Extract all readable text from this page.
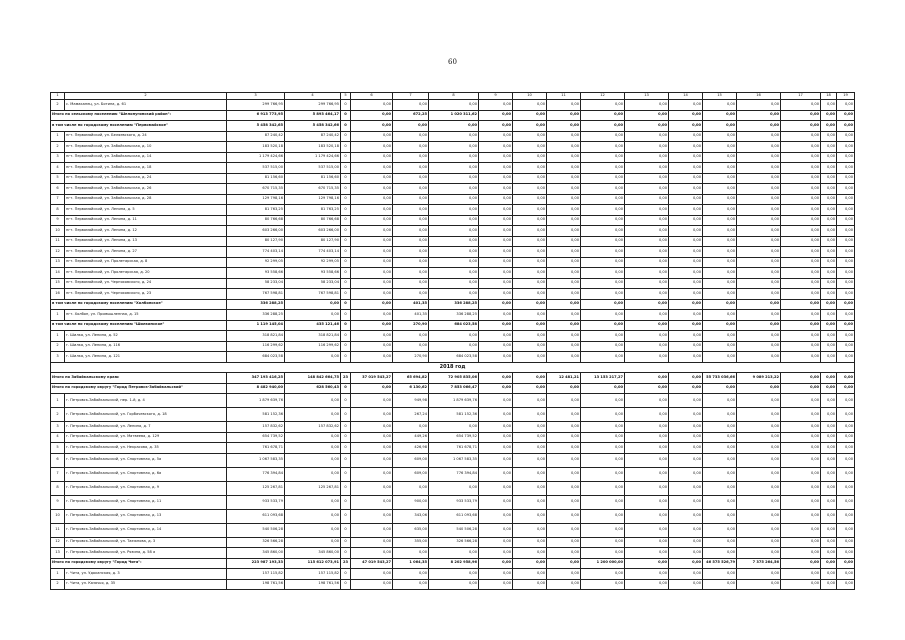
60
1	2	3	4	5	6	7	8	9	10	11	12	13	14	15	16	17	18	19
2	с. Мамаканец, ул. Ботина, д. 61	299 766,95	299 766,95	0	0,00	0,00	0,00	0,00	0,00	0,00	0,00	0,00	0,00	0,00	0,00	0,00	0,00	0,00
Итого по сельскому поселению "Шелопугинский район":		6 913 773,95	5 893 464,17	0	0,00	672,25	1 020 311,62	0,00	0,00	0,00	0,00	0,00	0,00	0,00	0,00	0,00	0,00	0,00
в том числе по городскому поселению "Первомайское"		5 458 342,65	5 458 342,66	0	0,00	0,00	0,00	0,00	0,00	0,00	0,00	0,00	0,00	0,00	0,00	0,00	0,00	0,00
1	пгт. Первомайский, ул. Беляевского, д. 24	87 240,42	87 240,42	0	0,00	0,00	0,00	0,00	0,00	0,00	0,00	0,00	0,00	0,00	0,00	0,00	0,00	0,00
2	пгт. Первомайский, ул. Забайкальская, д. 10	183 520,18	183 520,18	0	0,00	0,00	0,00	0,00	0,00	0,00	0,00	0,00	0,00	0,00	0,00	0,00	0,00	0,00
3	пгт. Первомайский, ул. Забайкальская, д. 14	1 179 424,66	1 179 424,66	0	0,00	0,00	0,00	0,00	0,00	0,00	0,00	0,00	0,00	0,00	0,00	0,00	0,00	0,00
4	пгт. Первомайский, ул. Забайкальская, д. 18	537 515,00	537 515,00	0	0,00	0,00	0,00	0,00	0,00	0,00	0,00	0,00	0,00	0,00	0,00	0,00	0,00	0,00
5	пгт. Первомайский, ул. Забайкальская, д. 24	81 156,60	81 156,60	0	0,00	0,00	0,00	0,00	0,00	0,00	0,00	0,00	0,00	0,00	0,00	0,00	0,00	0,00
6	пгт. Первомайский, ул. Забайкальская, д. 26	670 715,35	670 715,35	0	0,00	0,00	0,00	0,00	0,00	0,00	0,00	0,00	0,00	0,00	0,00	0,00	0,00	0,00
7	пгт. Первомайский, ул. Забайкальская, д. 28	129 798,16	129 798,16	0	0,00	0,00	0,00	0,00	0,00	0,00	0,00	0,00	0,00	0,00	0,00	0,00	0,00	0,00
8	пгт. Первомайский, ул. Ленина, д. 5	81 763,25	81 763,25	0	0,00	0,00	0,00	0,00	0,00	0,00	0,00	0,00	0,00	0,00	0,00	0,00	0,00	0,00
9	пгт. Первомайский, ул. Ленина, д. 11	80 766,68	80 766,68	0	0,00	0,00	0,00	0,00	0,00	0,00	0,00	0,00	0,00	0,00	0,00	0,00	0,00	0,00
10	пгт. Первомайский, ул. Ленина, д. 12	603 266,00	603 266,00	0	0,00	0,00	0,00	0,00	0,00	0,00	0,00	0,00	0,00	0,00	0,00	0,00	0,00	0,00
11	пгт. Первомайский, ул. Ленина, д. 13	80 127,90	80 127,90	0	0,00	0,00	0,00	0,00	0,00	0,00	0,00	0,00	0,00	0,00	0,00	0,00	0,00	0,00
12	пгт. Первомайский, ул. Ленина, д. 27	774 403,14	774 403,14	0	0,00	0,00	0,00	0,00	0,00	0,00	0,00	0,00	0,00	0,00	0,00	0,00	0,00	0,00
13	пгт. Первомайский, ул. Пролетарская, д. 8	92 299,05	92 299,05	0	0,00	0,00	0,00	0,00	0,00	0,00	0,00	0,00	0,00	0,00	0,00	0,00	0,00	0,00
14	пгт. Первомайский, ул. Пролетарская, д. 20	93 558,66	93 558,66	0	0,00	0,00	0,00	0,00	0,00	0,00	0,00	0,00	0,00	0,00	0,00	0,00	0,00	0,00
15	пгт. Первомайский, ул. Черняховского, д. 24	58 233,04	58 233,04	0	0,00	0,00	0,00	0,00	0,00	0,00	0,00	0,00	0,00	0,00	0,00	0,00	0,00	0,00
16	пгт. Первомайский, ул. Черняховского, д. 23	767 598,81	767 598,81	0	0,00	0,00	0,00	0,00	0,00	0,00	0,00	0,00	0,00	0,00	0,00	0,00	0,00	0,00
в том числе по городскому поселению "Холбонское"		336 288,25	0,00	0	0,00	401,35	336 288,25	0,00	0,00	0,00	0,00	0,00	0,00	0,00	0,00	0,00	0,00	0,00
1	пгт. Холбон, ул. Промышленная, д. 15	336 288,25	0,00	0	0,00	401,35	336 288,25	0,00	0,00	0,00	0,00	0,00	0,00	0,00	0,00	0,00	0,00	0,00
в том числе по городскому поселению "Шилкинское"		1 119 145,04	435 121,46	0	0,00	270,90	684 023,58	0,00	0,00	0,00	0,00	0,00	0,00	0,00	0,00	0,00	0,00	0,00
1	г. Шилка, ул. Ленина, д. 52	318 821,84	318 821,84	0	0,00	0,00	0,00	0,00	0,00	0,00	0,00	0,00	0,00	0,00	0,00	0,00	0,00	0,00
2	г. Шилка, ул. Ленина, д. 116	116 299,62	116 299,62	0	0,00	0,00	0,00	0,00	0,00	0,00	0,00	0,00	0,00	0,00	0,00	0,00	0,00	0,00
3	г. Шилка, ул. Ленина, д. 121	684 023,58	0,00	0	0,00	270,90	684 023,58	0,00	0,00	0,00	0,00	0,00	0,00	0,00	0,00	0,00	0,00	0,00
2018 год																		
Итого по Забайкальскому краю:		347 193 416,25	148 842 664,75	23	37 019 543,27	65 694,82	72 905 835,06	0,00	0,00	12 481,21	13 153 217,27	0,00	0,00	55 733 036,66	9 089 213,22	0,00	0,00	0,00
Итого по городскому округу "Город Петровск-Забайкальский"		8 482 940,00	628 560,43	0	0,00	6 130,62	7 853 066,47	0,00	0,00	0,00	0,00	0,00	0,00	0,00	0,00	0,00	0,00	0,00
1	г. Петровск-Забайкальский, пер. 1-й, д. 4	1 879 639,76	0,00	0	0,00	949,98	1 879 639,76	0,00	0,00	0,00	0,00	0,00	0,00	0,00	0,00	0,00	0,00	0,00
2	г. Петровск-Забайкальский, ул. Горбачевского, д. 18	581 152,36	0,00	0	0,00	267,24	581 152,36	0,00	0,00	0,00	0,00	0,00	0,00	0,00	0,00	0,00	0,00	0,00
3	г. Петровск-Забайкальский, ул. Ленина, д. 7	157 832,62	157 832,62	0	0,00	0,00	0,00	0,00	0,00	0,00	0,00	0,00	0,00	0,00	0,00	0,00	0,00	0,00
4	г. Петровск-Забайкальский, ул. Матвеева, д. 129	654 739,52	0,00	0	0,00	449,26	654 739,52	0,00	0,00	0,00	0,00	0,00	0,00	0,00	0,00	0,00	0,00	0,00
5	г. Петровск-Забайкальский, ул. Некрасова, д. 35	761 678,71	0,00	0	0,00	426,98	761 678,71	0,00	0,00	0,00	0,00	0,00	0,00	0,00	0,00	0,00	0,00	0,00
6	г. Петровск-Забайкальский, ул. Спортивная, д. 5а	1 067 583,35	0,00	0	0,00	609,00	1 067 583,35	0,00	0,00	0,00	0,00	0,00	0,00	0,00	0,00	0,00	0,00	0,00
7	г. Петровск-Забайкальский, ул. Спортивная, д. 6а	776 394,84	0,00	0	0,00	609,00	776 394,84	0,00	0,00	0,00	0,00	0,00	0,00	0,00	0,00	0,00	0,00	0,00
8	г. Петровск-Забайкальский, ул. Спортивная, д. 9	125 267,81	125 267,81	0	0,00	0,00	0,00	0,00	0,00	0,00	0,00	0,00	0,00	0,00	0,00	0,00	0,00	0,00
9	г. Петровск-Забайкальский, ул. Спортивная, д. 11	933 533,79	0,00	0	0,00	900,00	933 533,79	0,00	0,00	0,00	0,00	0,00	0,00	0,00	0,00	0,00	0,00	0,00
10	г. Петровск-Забайкальский, ул. Спортивная, д. 13	611 093,68	0,00	0	0,00	343,06	611 093,68	0,00	0,00	0,00	0,00	0,00	0,00	0,00	0,00	0,00	0,00	0,00
11	г. Петровск-Забайкальский, ул. Спортивная, д. 14	540 506,28	0,00	0	0,00	635,00	540 506,28	0,00	0,00	0,00	0,00	0,00	0,00	0,00	0,00	0,00	0,00	0,00
12	г. Петровск-Забайкальский, ул. Таежнова, д. 3	326 566,28	0,00	0	0,00	355,00	326 566,28	0,00	0,00	0,00	0,00	0,00	0,00	0,00	0,00	0,00	0,00	0,00
13	г. Петровск-Забайкальский, ул. Рязина, д. 58 а	345 860,00	345 860,00	0	0,00	0,00	0,00	0,00	0,00	0,00	0,00	0,00	0,00	0,00	0,00	0,00	0,00	0,00
Итого по городскому округу "Город Чита":		223 987 193,33	115 612 073,91	23	47 019 543,27	1 064,35	8 202 958,96	0,00	0,00	0,00	1 200 000,00	0,00	0,00	46 575 526,79	7 375 264,56	0,00	0,00	0,00
1	г. Чита, ул. Удоканская, д. 3	157 115,82	157 115,82	0	0,00	0,00	0,00	0,00	0,00	0,00	0,00	0,00	0,00	0,00	0,00	0,00	0,00	0,00
2	г. Чита, ул. Казачья, д. 35	198 761,56	198 761,56	0	0,00	0,00	0,00	0,00	0,00	0,00	0,00	0,00	0,00	0,00	0,00	0,00	0,00	0,00
